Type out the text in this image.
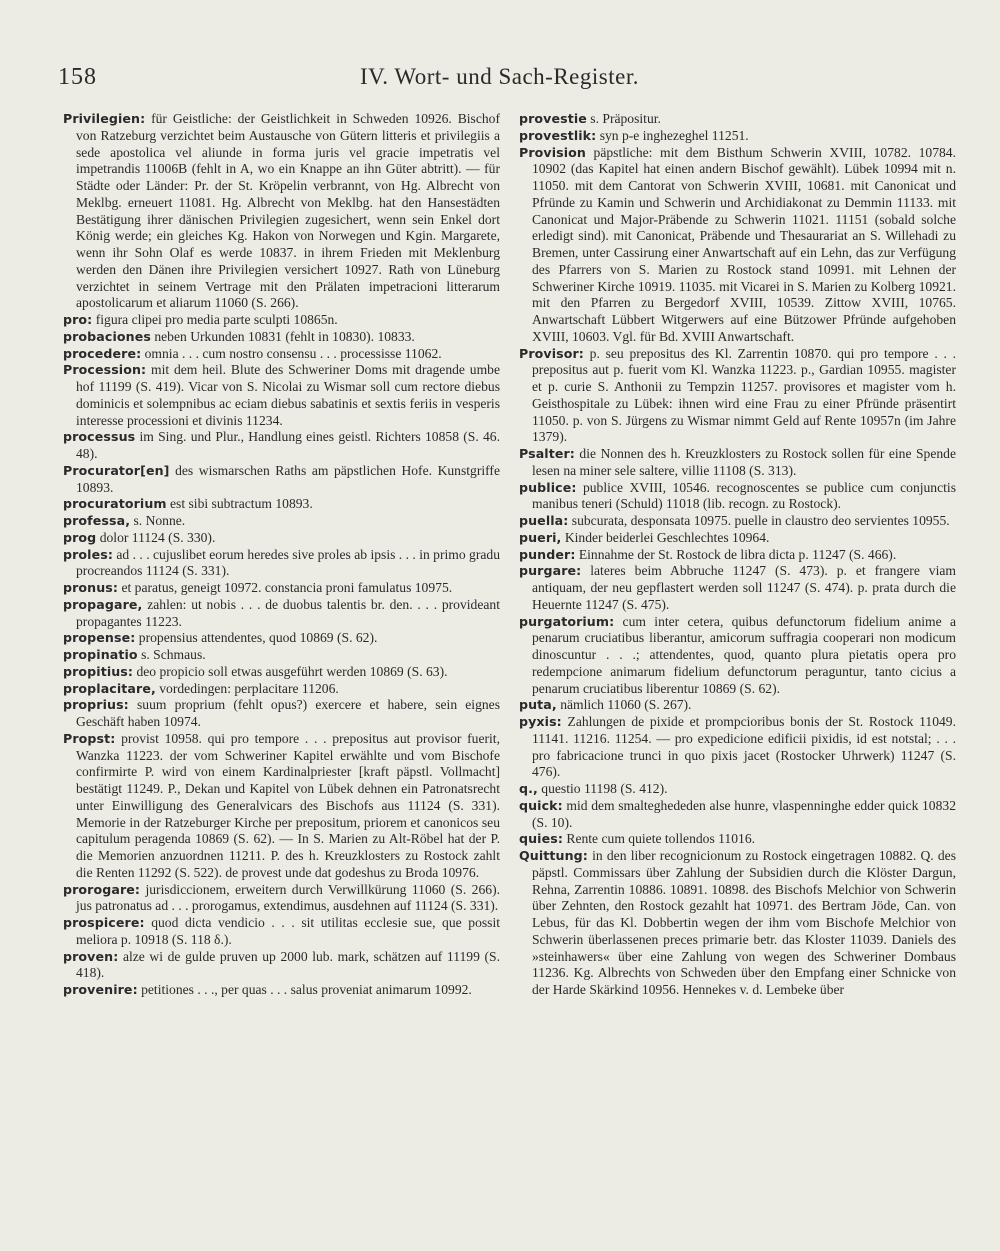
158	IV. Wort- und Sach-Register.

Privilegien: für Geistliche: der Geistlichkeit in Schweden 10926. Bischof von Ratzeburg verzichtet beim Austausche von Gütern litteris et privilegiis a sede apostolica vel aliunde in forma juris vel gracie impetratis vel impetrandis 11006B (fehlt in A, wo ein Knappe an ihn Güter abtritt). — für Städte oder Länder: Pr. der St. Kröpelin verbrannt, von Hg. Albrecht von Meklbg. erneuert 11081. Hg. Albrecht von Meklbg. hat den Hansestädten Bestätigung ihrer dänischen Privilegien zugesichert, wenn sein Enkel dort König werde; ein gleiches Kg. Hakon von Norwegen und Kgin. Margarete, wenn ihr Sohn Olaf es werde 10837. in ihrem Frieden mit Meklenburg werden den Dänen ihre Privilegien versichert 10927. Rath von Lüneburg verzichtet in seinem Vertrage mit den Prälaten impetracioni litterarum apostolicarum et aliarum 11060 (S. 266).

pro: figura clipei pro media parte sculpti 10865n.

probaciones neben Urkunden 10831 (fehlt in 10830). 10833.

procedere: omnia . . . cum nostro consensu . . . processisse 11062.

Procession: mit dem heil. Blute des Schweriner Doms mit dragende umbe hof 11199 (S. 419). Vicar von S. Nicolai zu Wismar soll cum rectore diebus dominicis et solempnibus ac eciam diebus sabatinis et sextis feriis in vesperis interesse processioni et divinis 11234.

processus im Sing. und Plur., Handlung eines geistl. Richters 10858 (S. 46. 48).

Procurator[en] des wismarschen Raths am päpstlichen Hofe. Kunstgriffe 10893.

procuratorium est sibi subtractum 10893.

professa, s. Nonne.

prog dolor 11124 (S. 330).

proles: ad . . . cujuslibet eorum heredes sive proles ab ipsis . . . in primo gradu procreandos 11124 (S. 331).

pronus: et paratus, geneigt 10972. constancia proni famulatus 10975.

propagare, zahlen: ut nobis . . . de duobus talentis br. den. . . . provideant propagantes 11223.

propense: propensius attendentes, quod 10869 (S. 62).

propinatio s. Schmaus.

propitius: deo propicio soll etwas ausgeführt werden 10869 (S. 63).

proplacitare, vordedingen: perplacitare 11206.

proprius: suum proprium (fehlt opus?) exercere et habere, sein eignes Geschäft haben 10974.

Propst: provist 10958. qui pro tempore . . . prepositus aut provisor fuerit, Wanzka 11223. der vom Schweriner Kapitel erwählte und vom Bischofe confirmirte P. wird von einem Kardinalpriester [kraft päpstl. Vollmacht] bestätigt 11249. P., Dekan und Kapitel von Lübek dehnen ein Patronatsrecht unter Einwilligung des Generalvicars des Bischofs aus 11124 (S. 331). Memorie in der Ratzeburger Kirche per prepositum, priorem et canonicos seu capitulum peragenda 10869 (S. 62). — In S. Marien zu Alt-Röbel hat der P. die Memorien anzuordnen 11211. P. des h. Kreuzklosters zu Rostock zahlt die Renten 11292 (S. 522). de provest unde dat godeshus zu Broda 10976.

prorogare: jurisdiccionem, erweitern durch Verwillkürung 11060 (S. 266). jus patronatus ad . . . prorogamus, extendimus, ausdehnen auf 11124 (S. 331).

prospicere: quod dicta vendicio . . . sit utilitas ecclesie sue, que possit meliora p. 10918 (S. 118 δ.).

proven: alze wi de gulde pruven up 2000 lub. mark, schätzen auf 11199 (S. 418).

provenire: petitiones . . ., per quas . . . salus proveniat animarum 10992.

provestie s. Präpositur.

provestlik: syn p-e inghezeghel 11251.

Provision päpstliche: mit dem Bisthum Schwerin XVIII, 10782. 10784. 10902 (das Kapitel hat einen andern Bischof gewählt). Lübek 10994 mit n. 11050. mit dem Cantorat von Schwerin XVIII, 10681. mit Canonicat und Pfründe zu Kamin und Schwerin und Archidiakonat zu Demmin 11133. mit Canonicat und Major-Präbende zu Schwerin 11021. 11151 (sobald solche erledigt sind). mit Canonicat, Präbende und Thesaurariat an S. Willehadi zu Bremen, unter Cassirung einer Anwartschaft auf ein Lehn, das zur Verfügung des Pfarrers von S. Marien zu Rostock stand 10991. mit Lehnen der Schweriner Kirche 10919. 11035. mit Vicarei in S. Marien zu Kolberg 10921. mit den Pfarren zu Bergedorf XVIII, 10539. Zittow XVIII, 10765. Anwartschaft Lübbert Witgerwers auf eine Bützower Pfründe aufgehoben XVIII, 10603. Vgl. für Bd. XVIII Anwartschaft.

Provisor: p. seu prepositus des Kl. Zarrentin 10870. qui pro tempore . . . prepositus aut p. fuerit vom Kl. Wanzka 11223. p., Gardian 10955. magister et p. curie S. Anthonii zu Tempzin 11257. provisores et magister vom h. Geisthospitale zu Lübek: ihnen wird eine Frau zu einer Pfründe präsentirt 11050. p. von S. Jürgens zu Wismar nimmt Geld auf Rente 10957n (im Jahre 1379).

Psalter: die Nonnen des h. Kreuzklosters zu Rostock sollen für eine Spende lesen na miner sele saltere, villie 11108 (S. 313).

publice: publice XVIII, 10546. recognoscentes se publice cum conjunctis manibus teneri (Schuld) 11018 (lib. recogn. zu Rostock).

puella: subcurata, desponsata 10975. puelle in claustro deo servientes 10955.

pueri, Kinder beiderlei Geschlechtes 10964.

punder: Einnahme der St. Rostock de libra dicta p. 11247 (S. 466).

purgare: lateres beim Abbruche 11247 (S. 473). p. et frangere viam antiquam, der neu gepflastert werden soll 11247 (S. 474). p. prata durch die Heuernte 11247 (S. 475).

purgatorium: cum inter cetera, quibus defunctorum fidelium anime a penarum cruciatibus liberantur, amicorum suffragia cooperari non modicum dinoscuntur . . .; attendentes, quod, quanto plura pietatis opera pro redempcione animarum fidelium defunctorum peraguntur, tanto cicius a penarum cruciatibus liberentur 10869 (S. 62).

puta, nämlich 11060 (S. 267).

pyxis: Zahlungen de pixide et prompcioribus bonis der St. Rostock 11049. 11141. 11216. 11254. — pro expedicione edificii pixidis, id est notstal; . . . pro fabricacione trunci in quo pixis jacet (Rostocker Uhrwerk) 11247 (S. 476).

q., questio 11198 (S. 412).

quick: mid dem smalteghededen alse hunre, vlaspenninghe edder quick 10832 (S. 10).

quies: Rente cum quiete tollendos 11016.

Quittung: in den liber recognicionum zu Rostock eingetragen 10882. Q. des päpstl. Commissars über Zahlung der Subsidien durch die Klöster Dargun, Rehna, Zarrentin 10886. 10891. 10898. des Bischofs Melchior von Schwerin über Zehnten, den Rostock gezahlt hat 10971. des Bertram Jöde, Can. von Lebus, für das Kl. Dobbertin wegen der ihm vom Bischofe Melchior von Schwerin überlassenen preces primarie betr. das Kloster 11039. Daniels des »steinhawers« über eine Zahlung von wegen des Schweriner Dombaus 11236. Kg. Albrechts von Schweden über den Empfang einer Schnicke von der Harde Skärkind 10956. Hennekes v. d. Lembeke über
